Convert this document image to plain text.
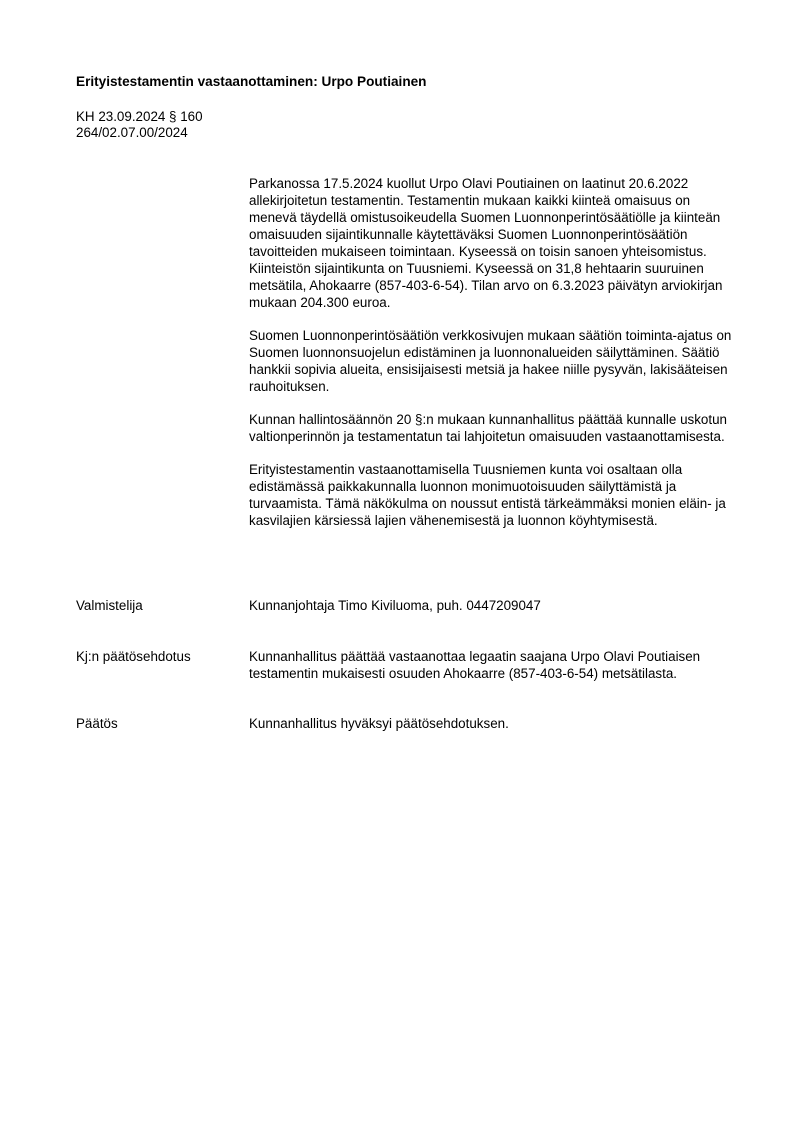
Erityistestamentin vastaanottaminen: Urpo Poutiainen
KH 23.09.2024 § 160
264/02.07.00/2024

Parkanossa 17.5.2024 kuollut Urpo Olavi Poutiainen on laatinut 20.6.2022 allekirjoitetun testamentin. Testamentin mukaan kaikki kiinteä omaisuus on menevä täydellä omistusoikeudella Suomen Luonnonperintösäätiölle ja kiinteän omaisuuden sijaintikunnalle käytettäväksi Suomen Luonnonperintösäätiön tavoitteiden mukaiseen toimintaan. Kyseessä on toisin sanoen yhteisomistus. Kiinteistön sijaintikunta on Tuusniemi. Kyseessä on 31,8 hehtaarin suuruinen metsätila, Ahokaarre (857-403-6-54). Tilan arvo on 6.3.2023 päivätyn arviokirjan mukaan 204.300 euroa.

Suomen Luonnonperintösäätiön verkkosivujen mukaan säätiön toiminta-ajatus on Suomen luonnonsuojelun edistäminen ja luonnonalueiden säilyttäminen. Säätiö hankkii sopivia alueita, ensisijaisesti metsiä ja hakee niille pysyvän, lakisääteisen rauhoituksen.

Kunnan hallintosäännön 20 §:n mukaan kunnanhallitus päättää kunnalle uskotun valtionperinnön ja testamentatun tai lahjoitetun omaisuuden vastaanottamisesta.

Erityistestamentin vastaanottamisella Tuusniemen kunta voi osaltaan olla edistämässä paikkakunnalla luonnon monimuotoisuuden säilyttämistä ja turvaamista. Tämä näkökulma on noussut entistä tärkeämmäksi monien eläin- ja kasvilajien kärsiessä lajien vähenemisestä ja luonnon köyhtymisestä.

Valmistelija	Kunnanjohtaja Timo Kiviluoma, puh. 0447209047
Kj:n päätösehdotus	Kunnanhallitus päättää vastaanottaa legaatin saajana Urpo Olavi Poutiaisen testamentin mukaisesti osuuden Ahokaarre (857-403-6-54) metsätilasta.
Päätös	Kunnanhallitus hyväksyi päätösehdotuksen.
